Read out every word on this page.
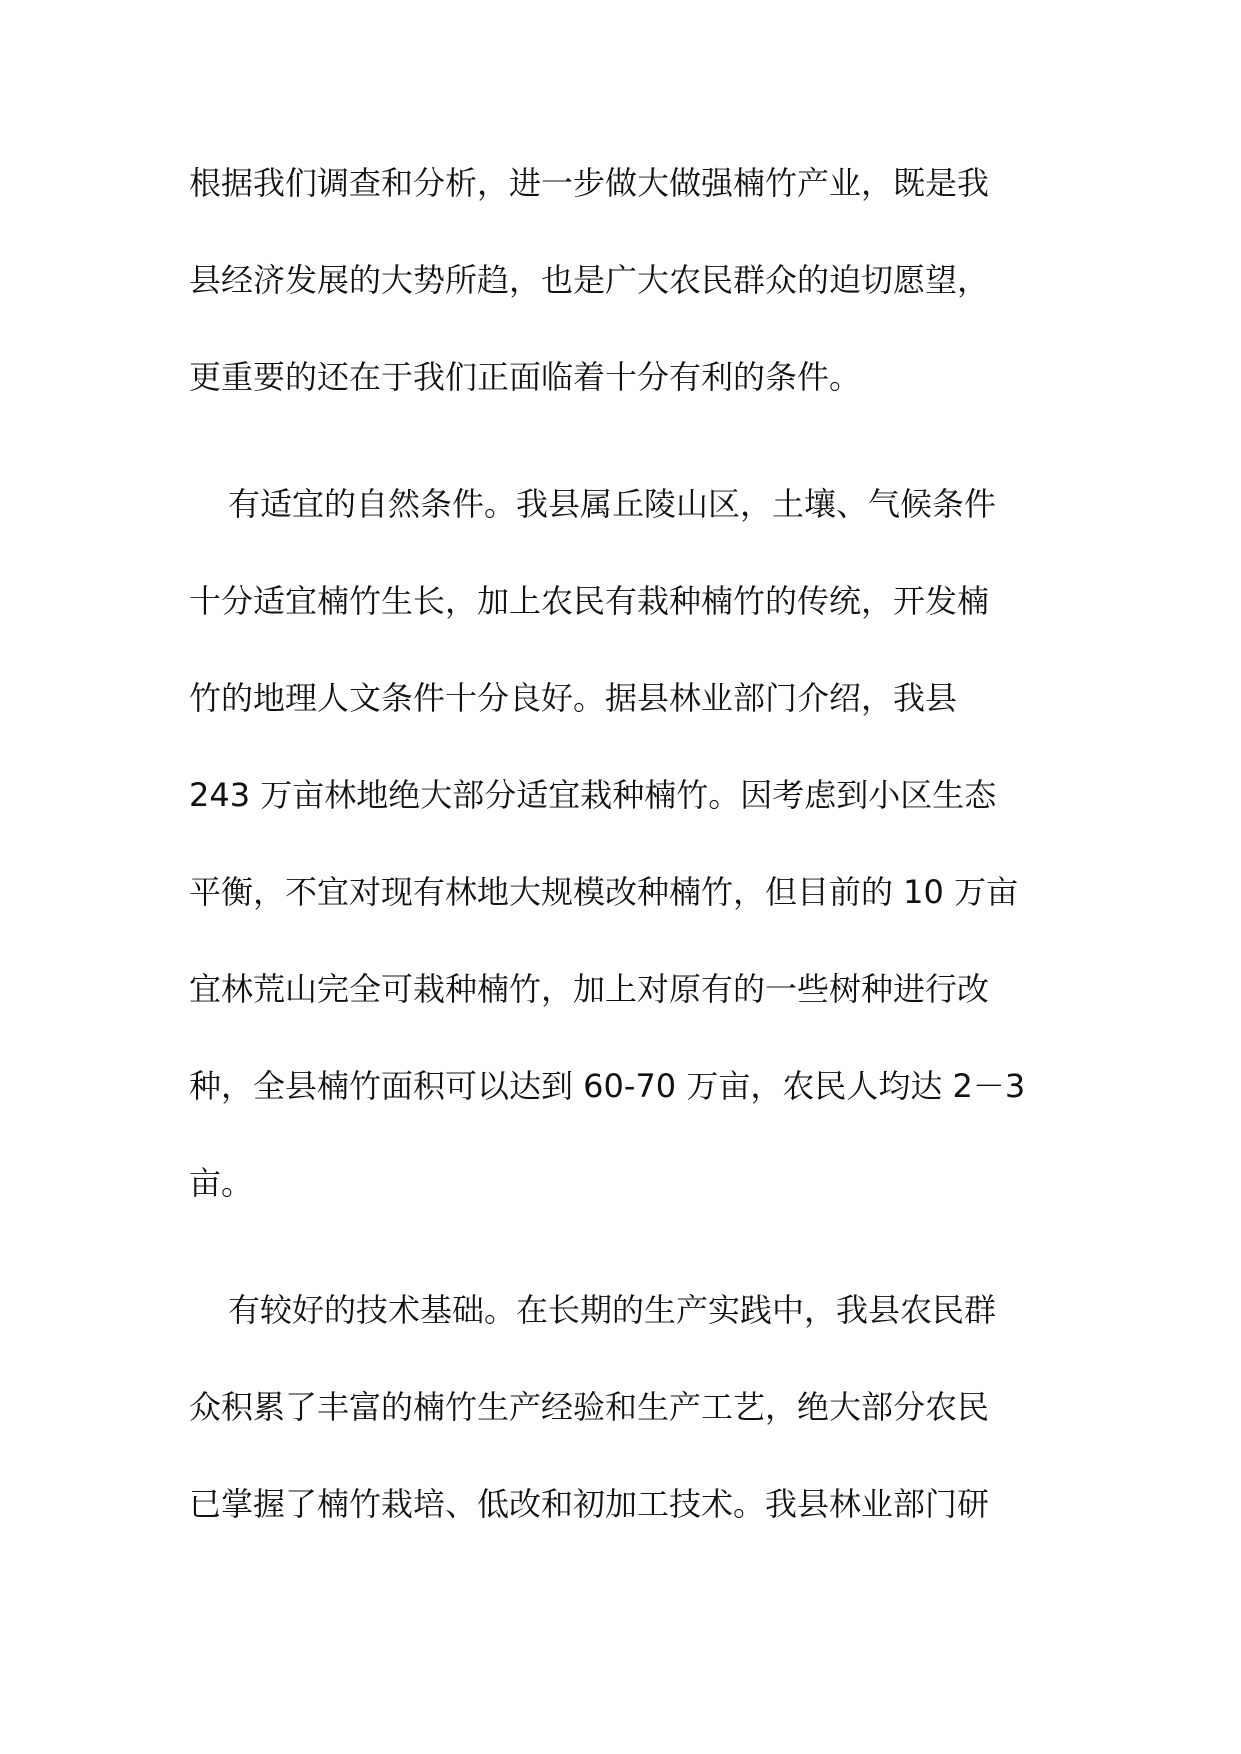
根据我们调查和分析，进一步做大做强楠竹产业，既是我
县经济发展的大势所趋，也是广大农民群众的迫切愿望，
更重要的还在于我们正面临着十分有利的条件。
有适宜的自然条件。我县属丘陵山区，土壤、气候条件
十分适宜楠竹生长，加上农民有栽种楠竹的传统，开发楠
竹的地理人文条件十分良好。据县林业部门介绍，我县
243 万亩林地绝大部分适宜栽种楠竹。因考虑到小区生态
平衡，不宜对现有林地大规模改种楠竹，但目前的 10 万亩
宜林荒山完全可栽种楠竹，加上对原有的一些树种进行改
种，全县楠竹面积可以达到 60-70 万亩，农民人均达 2－3
亩。
有较好的技术基础。在长期的生产实践中，我县农民群
众积累了丰富的楠竹生产经验和生产工艺，绝大部分农民
已掌握了楠竹栽培、低改和初加工技术。我县林业部门研
